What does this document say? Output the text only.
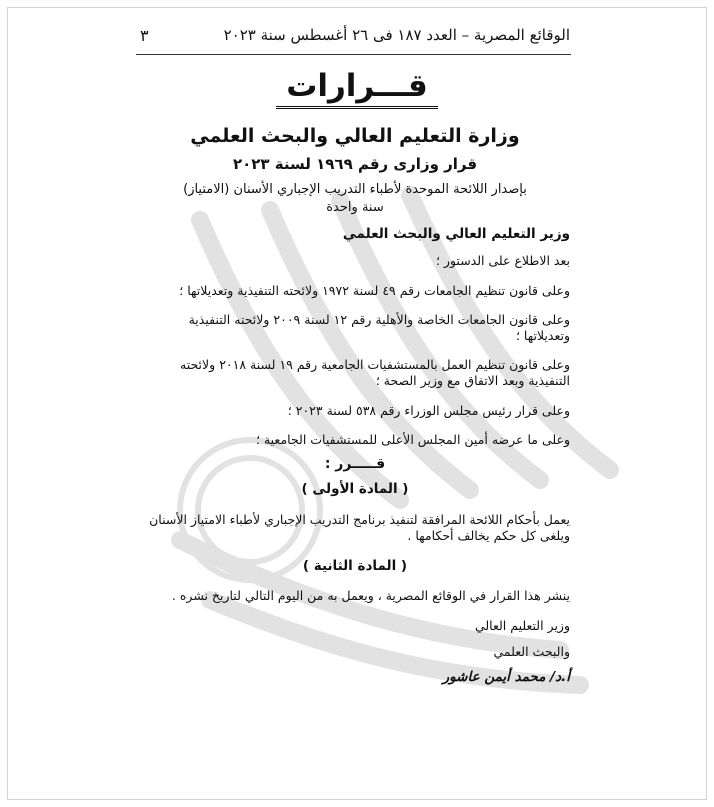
الوقائع المصرية – العدد ١٨٧ فى ٢٦ أغسطس سنة ٢٠٢٣
٣
قـــرارات
وزارة التعليم العالي والبحث العلمي
قرار وزارى رقم ١٩٦٩ لسنة ٢٠٢٣
بإصدار اللائحة الموحدة لأطباء التدريب الإجباري الأسنان (الامتياز)
سنة واحدة
وزير التعليم العالي والبحث العلمي
بعد الاطلاع على الدستور ؛
وعلى قانون تنظيم الجامعات رقم ٤٩ لسنة ١٩٧٢ ولائحته التنفيذية وتعديلاتها ؛
وعلى قانون الجامعات الخاصة والأهلية رقم ١٢ لسنة ٢٠٠٩ ولائحته التنفيذية وتعديلاتها ؛
وعلى قانون تنظيم العمل بالمستشفيات الجامعية رقم ١٩ لسنة ٢٠١٨ ولائحته التنفيذية وبعد الاتفاق مع وزير الصحة ؛
وعلى قرار رئيس مجلس الوزراء رقم ٥٣٨ لسنة ٢٠٢٣ ؛
وعلى ما عرضه أمين المجلس الأعلى للمستشفيات الجامعية ؛
قـــــرر :
( المادة الأولى )
يعمل بأحكام اللائحة المرافقة لتنفيذ برنامج التدريب الإجباري لأطباء الامتياز الأسنان ويلغى كل حكم يخالف أحكامها .
( المادة الثانية )
ينشر هذا القرار في الوقائع المصرية ، ويعمل به من اليوم التالي لتاريخ نشره .
وزير التعليم العالي
والبحث العلمي
أ.د/ محمد أيمن عاشور
